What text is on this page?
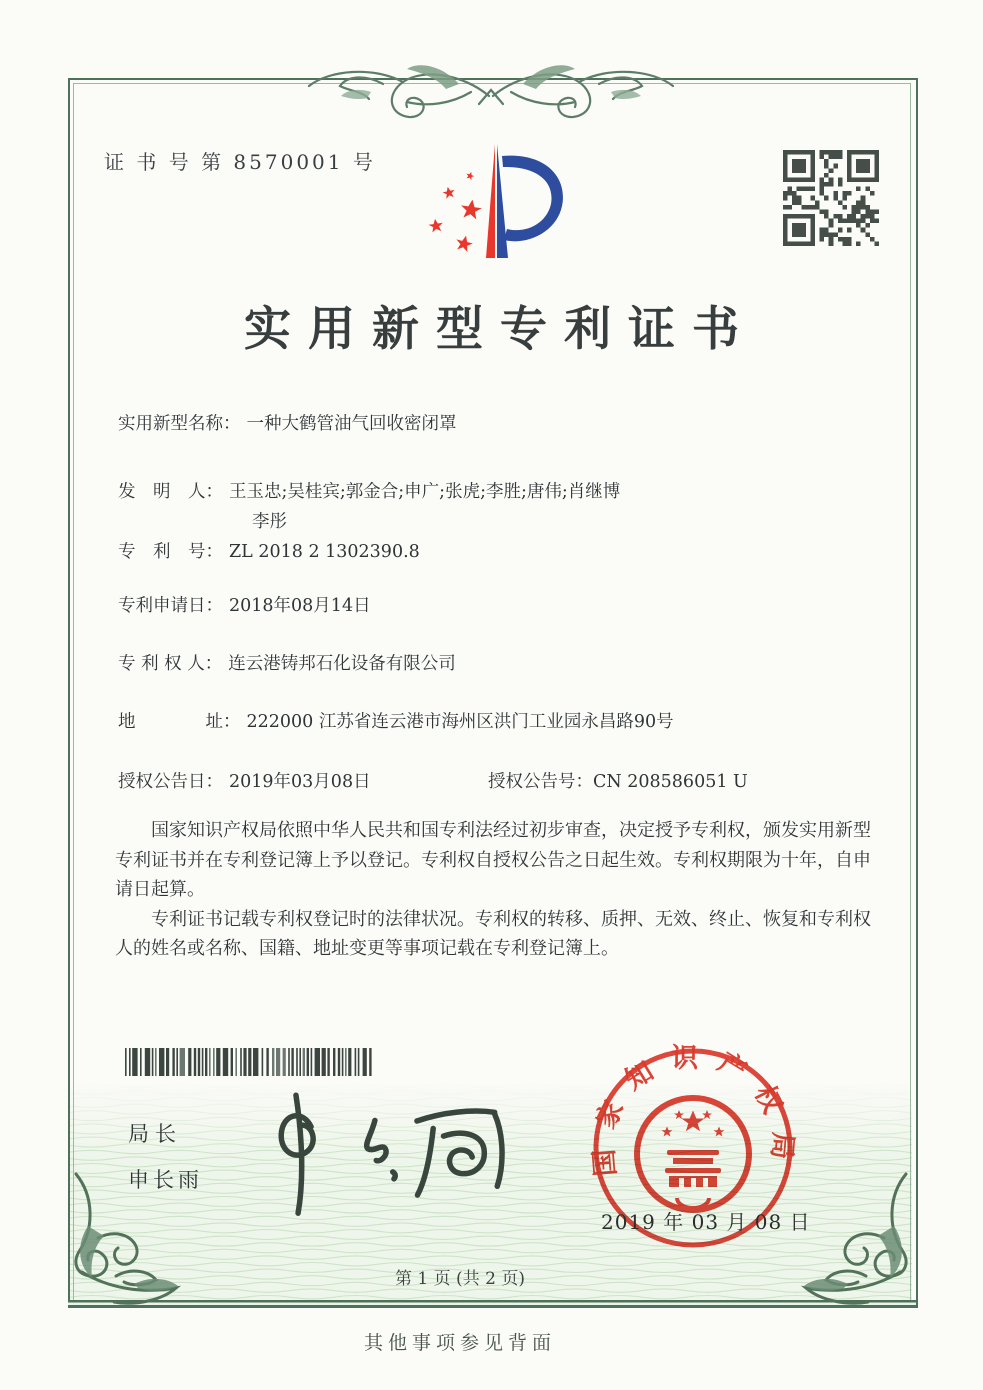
证 书 号 第 8570001 号
实用新型专利证书
实用新型名称： 一种大鹤管油气回收密闭罩
发　明　人： 王玉忠;吴桂宾;郭金合;申广;张虎;李胜;唐伟;肖继博
李彤
专　利　号： ZL 2018 2 1302390.8
专利申请日： 2018年08月14日
专 利 权 人： 连云港铸邦石化设备有限公司
地　　　　址： 222000 江苏省连云港市海州区洪门工业园永昌路90号
授权公告日： 2019年03月08日	授权公告号：CN 208586051 U

国家知识产权局依照中华人民共和国专利法经过初步审查，决定授予专利权，颁发实用新型专利证书并在专利登记簿上予以登记。专利权自授权公告之日起生效。专利权期限为十年，自申请日起算。

专利证书记载专利权登记时的法律状况。专利权的转移、质押、无效、终止、恢复和专利权人的姓名或名称、国籍、地址变更等事项记载在专利登记簿上。

局长
申长雨
国家知识产权局
2019 年 03 月 08 日
第 1 页 (共 2 页)
其他事项参见背面
